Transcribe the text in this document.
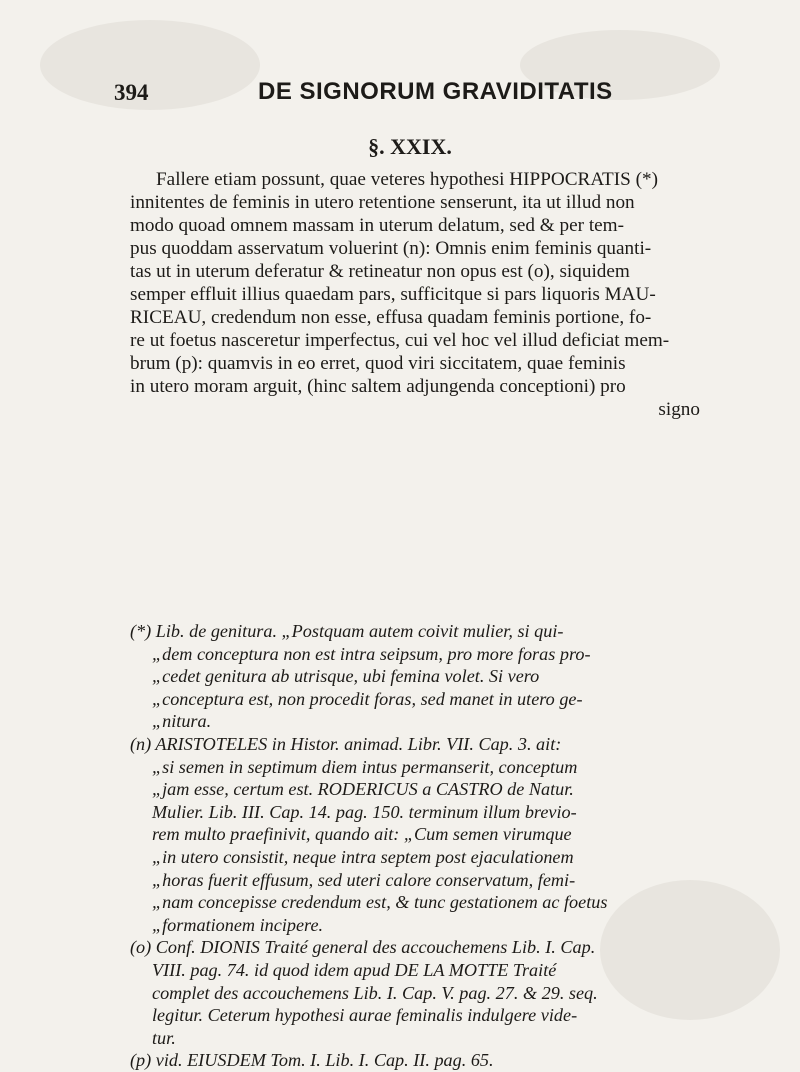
394	DE SIGNORUM GRAVIDITATIS
§. XXIX.
Fallere etiam possunt, quae veteres hypothesi HIPPOCRATIS (*)
innitentes de feminis in utero retentione senserunt, ita ut illud non
modo quoad omnem massam in uterum delatum, sed & per tem-
pus quoddam asservatum voluerint (n): Omnis enim feminis quanti-
tas ut in uterum deferatur & retineatur non opus est (o), siquidem
semper effluit illius quaedam pars, sufficitque si pars liquoris MAU-
RICEAU, credendum non esse, effusa quadam feminis portione, fo-
re ut foetus nasceretur imperfectus, cui vel hoc vel illud deficiat mem-
brum (p): quamvis in eo erret, quod viri siccitatem, quae feminis
in utero moram arguit, (hinc saltem adjungenda conceptioni) pro
signo
(*) Lib. de genitura. „Postquam autem coivit mulier, si qui-
„dem conceptura non est intra seipsum, pro more foras pro-
„cedet genitura ab utrisque, ubi femina volet. Si vero
„conceptura est, non procedit foras, sed manet in utero ge-
„nitura.
(n) ARISTOTELES in Histor. animad. Libr. VII. Cap. 3. ait:
„si semen in septimum diem intus permanserit, conceptum
„jam esse, certum est. RODERICUS a CASTRO de Natur.
Mulier. Lib. III. Cap. 14. pag. 150. terminum illum brevio-
rem multo praefinivit, quando ait: „Cum semen virumque
„in utero consistit, neque intra septem post ejaculationem
„horas fuerit effusum, sed uteri calore conservatum, femi-
„nam concepisse credendum est, & tunc gestationem ac foetus
„formationem incipere.
(o) Conf. DIONIS Traité general des accouchemens Lib. I. Cap.
VIII. pag. 74. id quod idem apud DE LA MOTTE Traité
complet des accouchemens Lib. I. Cap. V. pag. 27. & 29. seq.
legitur. Ceterum hypothesi aurae feminalis indulgere vide-
tur.
(p) vid. EIUSDEM Tom. I. Lib. I. Cap. II. pag. 65.
